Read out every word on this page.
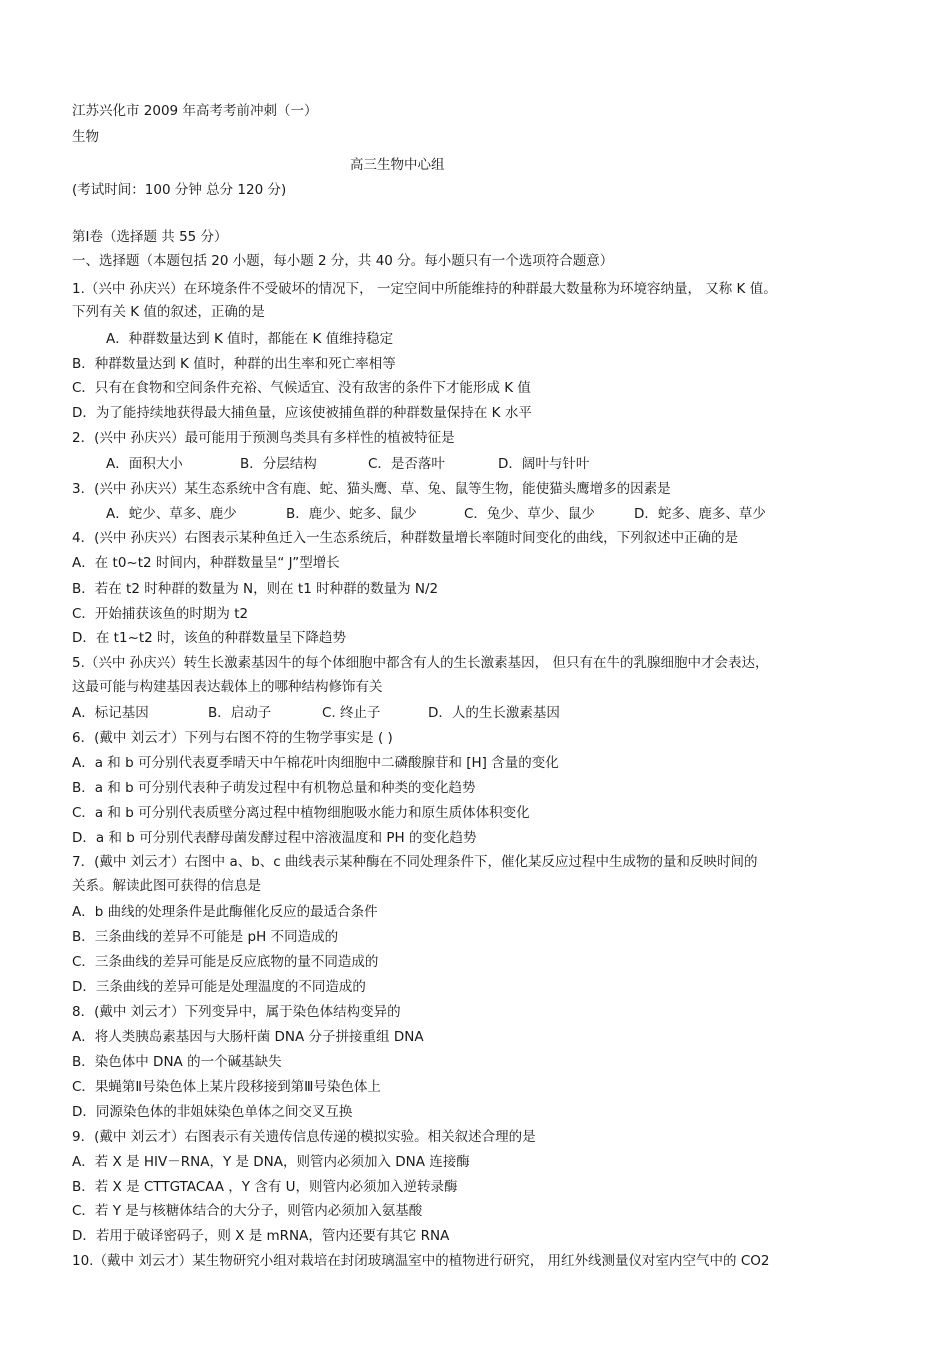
江苏兴化市 2009 年高考考前冲刺（一）
生物
高三生物中心组
(考试时间：100 分钟 总分 120 分)
第Ⅰ卷（选择题 共 55 分）
一、选择题（本题包括 20 小题，每小题 2 分，共 40 分。每小题只有一个选项符合题意）
1.（兴中 孙庆兴）在环境条件不受破坏的情况下， 一定空间中所能维持的种群最大数量称为环境容纳量， 又称 K 值。
下列有关 K 值的叙述，正确的是
A．种群数量达到 K 值时，都能在 K 值维持稳定
B．种群数量达到 K 值时，种群的出生率和死亡率相等
C．只有在食物和空间条件充裕、气候适宜、没有敌害的条件下才能形成 K 值
D．为了能持续地获得最大捕鱼量，应该使被捕鱼群的种群数量保持在 K 水平
2．(兴中 孙庆兴）最可能用于预测鸟类具有多样性的植被特征是
A．面积大小	B．分层结构	C．是否落叶	D．阔叶与针叶
3．(兴中 孙庆兴）某生态系统中含有鹿、蛇、猫头鹰、草、兔、鼠等生物，能使猫头鹰增多的因素是
A．蛇少、草多、鹿少	B．鹿少、蛇多、鼠少	C．兔少、草少、鼠少	D．蛇多、鹿多、草少
4．(兴中 孙庆兴）右图表示某种鱼迁入一生态系统后，种群数量增长率随时间变化的曲线，下列叙述中正确的是
A．在 t0~t2 时间内，种群数量呈“ J”型增长
B．若在 t2 时种群的数量为 N，则在 t1 时种群的数量为 N/2
C．开始捕获该鱼的时期为 t2
D．在 t1~t2 时，该鱼的种群数量呈下降趋势
5.（兴中 孙庆兴）转生长激素基因牛的每个体细胞中都含有人的生长激素基因， 但只有在牛的乳腺细胞中才会表达，
这最可能与构建基因表达载体上的哪种结构修饰有关
A．标记基因	B．启动子	C. 终止子	D．人的生长激素基因
6．(戴中 刘云才）下列与右图不符的生物学事实是 ( )
A．a 和 b 可分别代表夏季晴天中午棉花叶肉细胞中二磷酸腺苷和 [H] 含量的变化
B．a 和 b 可分别代表种子萌发过程中有机物总量和种类的变化趋势
C．a 和 b 可分别代表质壁分离过程中植物细胞吸水能力和原生质体体积变化
D．a 和 b 可分别代表酵母菌发酵过程中溶液温度和 PH 的变化趋势
7．(戴中 刘云才）右图中 a、b、c 曲线表示某种酶在不同处理条件下，催化某反应过程中生成物的量和反映时间的
关系。解读此图可获得的信息是
A．b 曲线的处理条件是此酶催化反应的最适合条件
B．三条曲线的差异不可能是 pH 不同造成的
C．三条曲线的差异可能是反应底物的量不同造成的
D．三条曲线的差异可能是处理温度的不同造成的
8．(戴中 刘云才）下列变异中，属于染色体结构变异的
A．将人类胰岛素基因与大肠杆菌 DNA 分子拼接重组 DNA
B．染色体中 DNA 的一个碱基缺失
C．果蝇第Ⅱ号染色体上某片段移接到第Ⅲ号染色体上
D．同源染色体的非姐妹染色单体之间交叉互换
9．(戴中 刘云才）右图表示有关遗传信息传递的模拟实验。相关叙述合理的是
A．若 X 是 HIV－RNA，Y 是 DNA，则管内必须加入 DNA 连接酶
B．若 X 是 CTTGTACAA ，Y 含有 U，则管内必须加入逆转录酶
C．若 Y 是与核糖体结合的大分子，则管内必须加入氨基酸
D．若用于破译密码子，则 X 是 mRNA，管内还要有其它 RNA
10.（戴中 刘云才）某生物研究小组对栽培在封闭玻璃温室中的植物进行研究， 用红外线测量仪对室内空气中的 CO2
